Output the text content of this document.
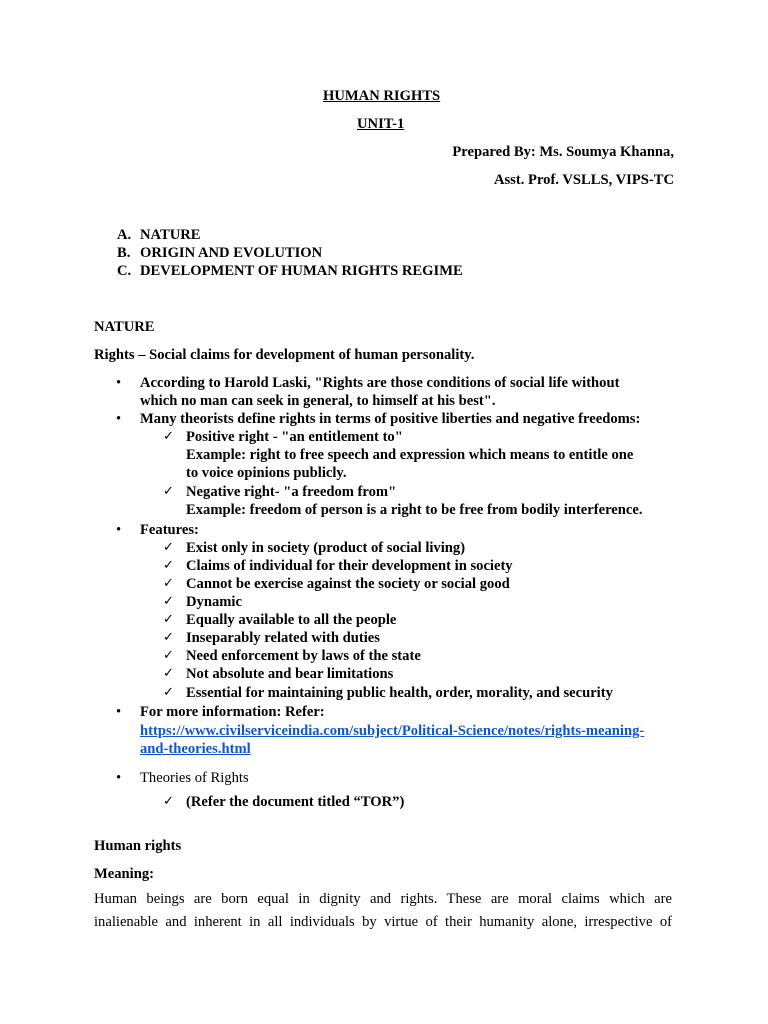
HUMAN RIGHTS
UNIT-1
Prepared By: Ms. Soumya Khanna,
Asst. Prof. VSLLS, VIPS-TC
A. NATURE
B. ORIGIN AND EVOLUTION
C. DEVELOPMENT OF HUMAN RIGHTS REGIME
NATURE
Rights – Social claims for development of human personality.
• According to Harold Laski, "Rights are those conditions of social life without
which no man can seek in general, to himself at his best".
• Many theorists define rights in terms of positive liberties and negative freedoms:
✓ Positive right - "an entitlement to"
Example: right to free speech and expression which means to entitle one
to voice opinions publicly.
✓ Negative right- "a freedom from"
Example: freedom of person is a right to be free from bodily interference.
• Features:
✓ Exist only in society (product of social living)
✓ Claims of individual for their development in society
✓ Cannot be exercise against the society or social good
✓ Dynamic
✓ Equally available to all the people
✓ Inseparably related with duties
✓ Need enforcement by laws of the state
✓ Not absolute and bear limitations
✓ Essential for maintaining public health, order, morality, and security
• For more information: Refer:
https://www.civilserviceindia.com/subject/Political-Science/notes/rights-meaning-
and-theories.html
• Theories of Rights
✓ (Refer the document titled “TOR”)
Human rights
Meaning:
Human beings are born equal in dignity and rights. These are moral claims which are
inalienable and inherent in all individuals by virtue of their humanity alone, irrespective of
